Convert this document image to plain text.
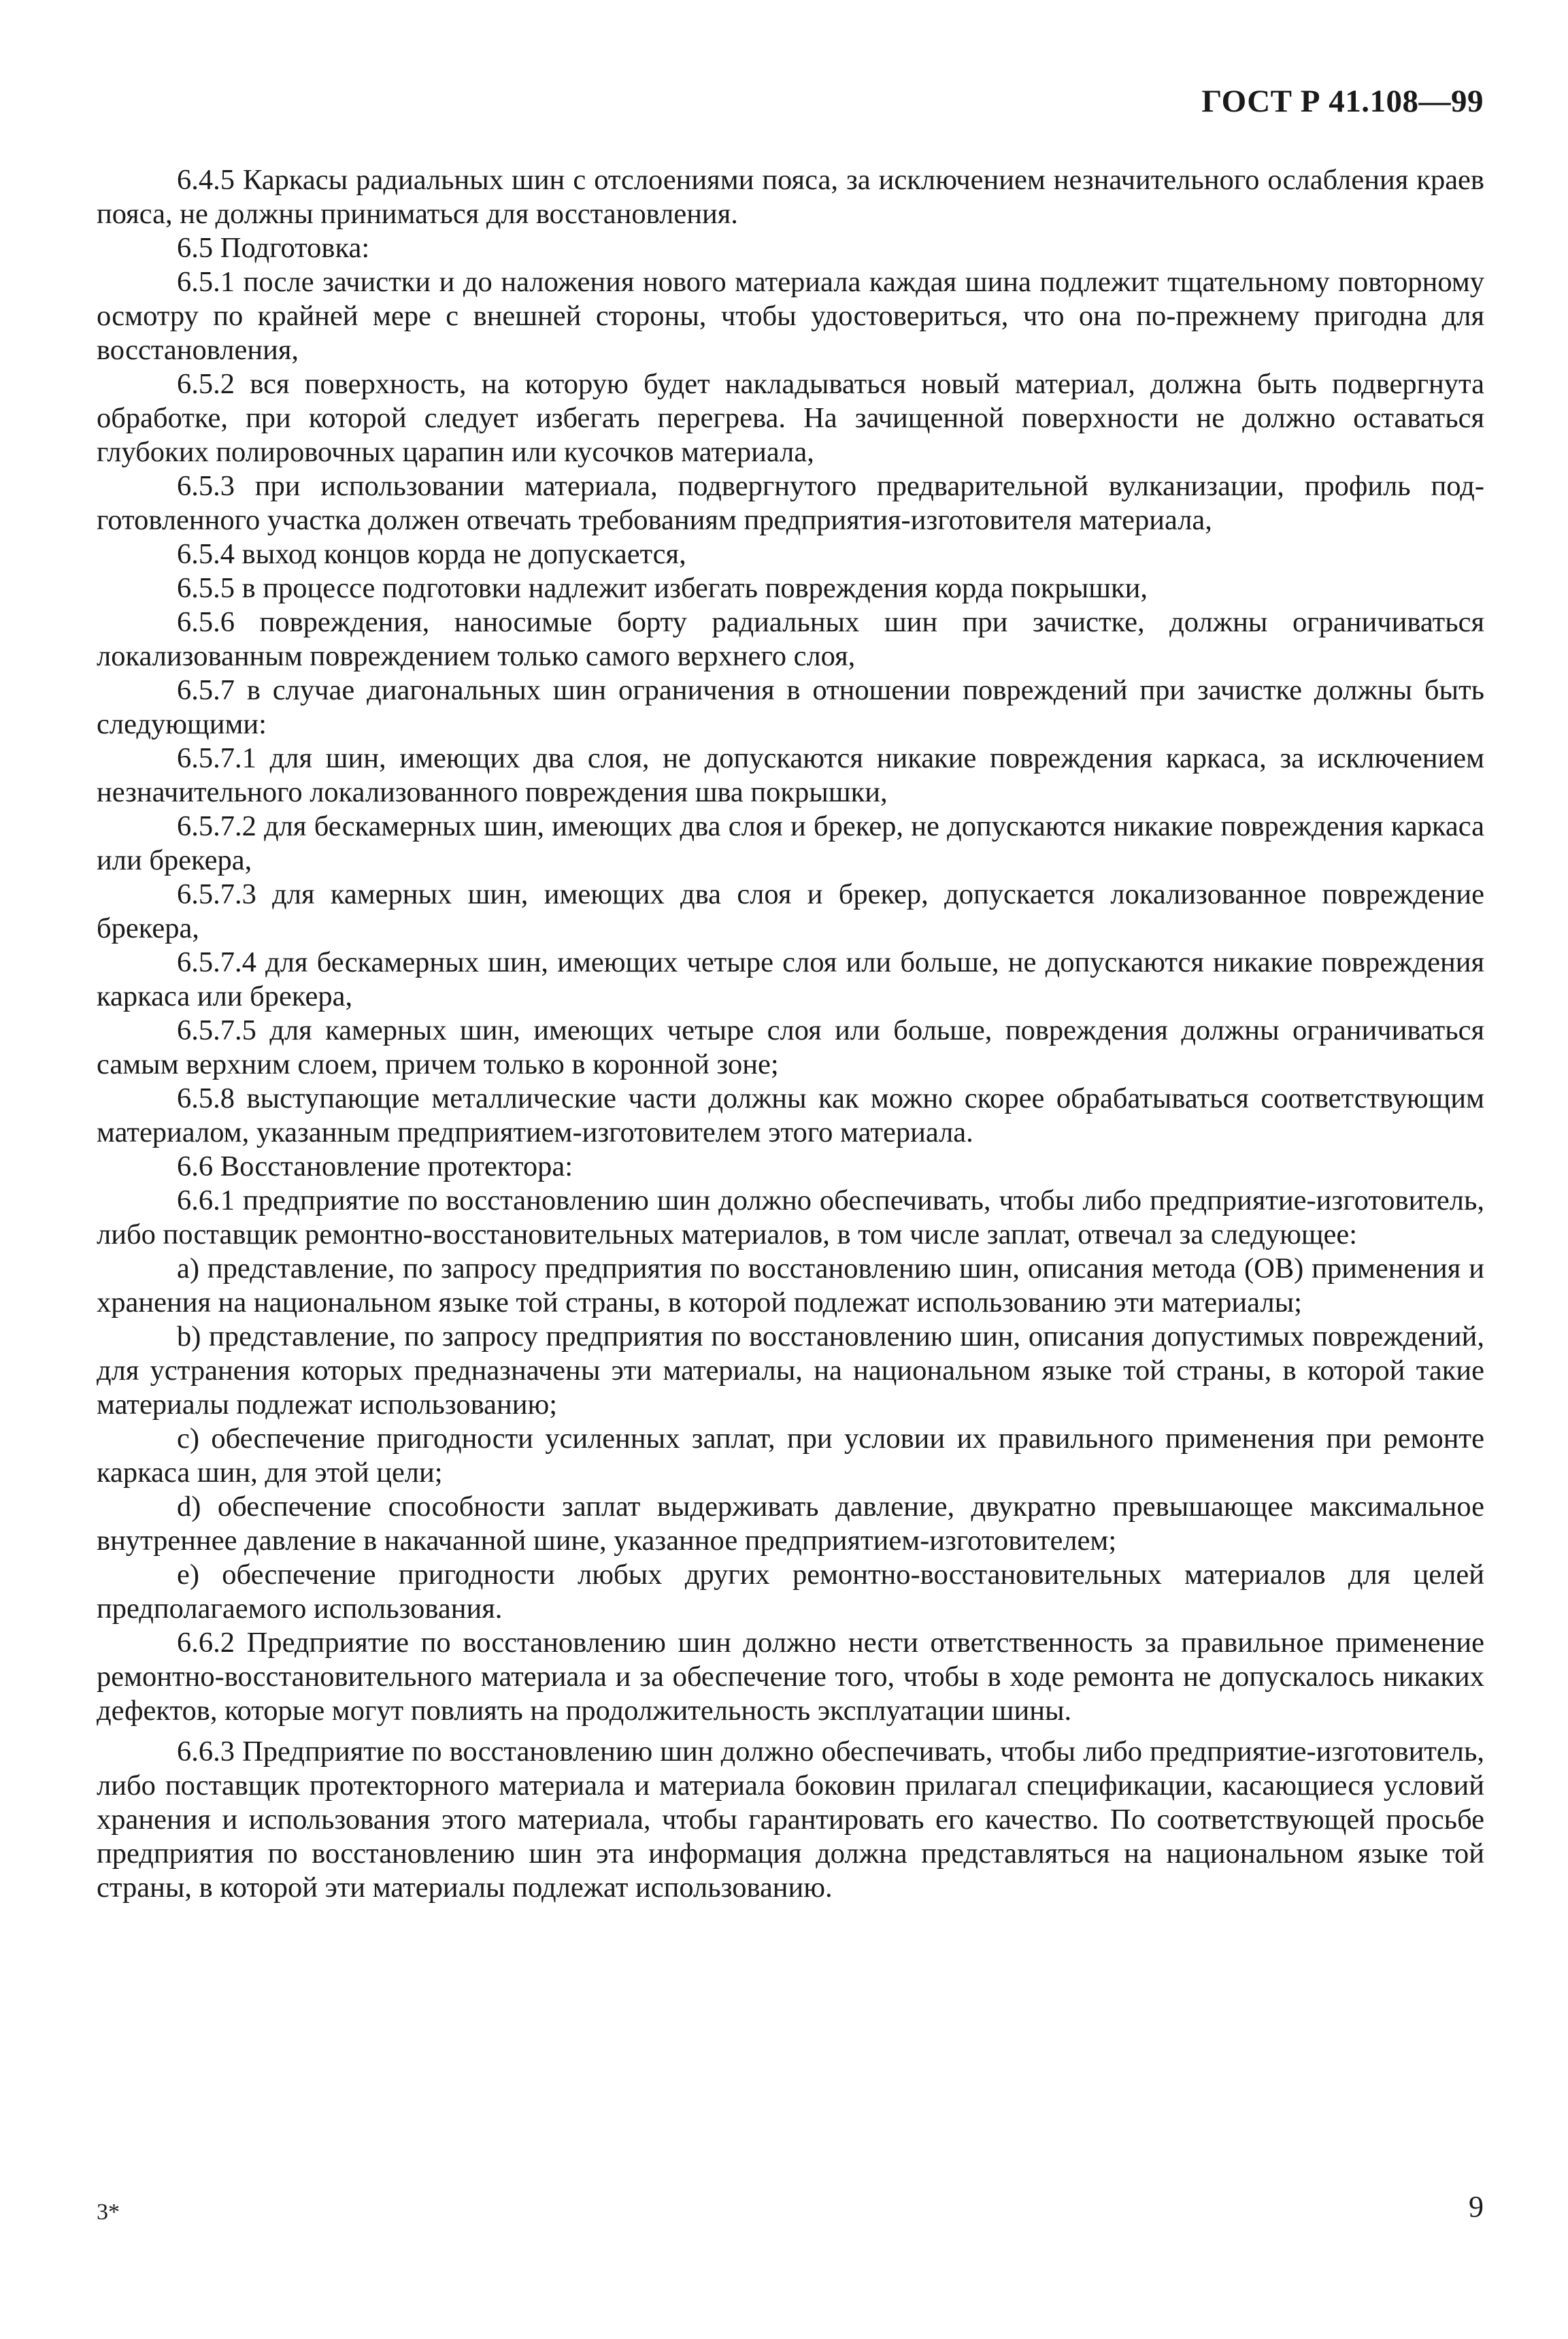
ГОСТ Р 41.108—99

6.4.5 Каркасы радиальных шин с отслоениями пояса, за исключением незначительного ослабления краев пояса, не должны приниматься для восстановления.

6.5 Подготовка:

6.5.1 после зачистки и до наложения нового материала каждая шина подлежит тщательному повторному осмотру по крайней мере с внешней стороны, чтобы удостовериться, что она по-прежнему пригодна для восстановления,

6.5.2 вся поверхность, на которую будет накладываться новый материал, должна быть подвергнута обработке, при которой следует избегать перегрева. На зачищенной поверхности не должно оставаться глубоких полировочных царапин или кусочков материала,

6.5.3 при использовании материала, подвергнутого предварительной вулканизации, профиль подготовленного участка должен отвечать требованиям предприятия-изготовителя материала,

6.5.4 выход концов корда не допускается,

6.5.5 в процессе подготовки надлежит избегать повреждения корда покрышки,

6.5.6 повреждения, наносимые борту радиальных шин при зачистке, должны ограничиваться локализованным повреждением только самого верхнего слоя,

6.5.7 в случае диагональных шин ограничения в отношении повреждений при зачистке должны быть следующими:

6.5.7.1 для шин, имеющих два слоя, не допускаются никакие повреждения каркаса, за исключением незначительного локализованного повреждения шва покрышки,

6.5.7.2 для бескамерных шин, имеющих два слоя и брекер, не допускаются никакие повреждения каркаса или брекера,

6.5.7.3 для камерных шин, имеющих два слоя и брекер, допускается локализованное повреждение брекера,

6.5.7.4 для бескамерных шин, имеющих четыре слоя или больше, не допускаются никакие повреждения каркаса или брекера,

6.5.7.5 для камерных шин, имеющих четыре слоя или больше, повреждения должны ограничиваться самым верхним слоем, причем только в коронной зоне;

6.5.8 выступающие металлические части должны как можно скорее обрабатываться соответствующим материалом, указанным предприятием-изготовителем этого материала.

6.6 Восстановление протектора:

6.6.1 предприятие по восстановлению шин должно обеспечивать, чтобы либо предприятие-изготовитель, либо поставщик ремонтно-восстановительных материалов, в том числе заплат, отвечал за следующее:

а) представление, по запросу предприятия по восстановлению шин, описания метода (ОВ) применения и хранения на национальном языке той страны, в которой подлежат использованию эти материалы;

b) представление, по запросу предприятия по восстановлению шин, описания допустимых повреждений, для устранения которых предназначены эти материалы, на национальном языке той страны, в которой такие материалы подлежат использованию;

с) обеспечение пригодности усиленных заплат, при условии их правильного применения при ремонте каркаса шин, для этой цели;

d) обеспечение способности заплат выдерживать давление, двукратно превышающее максимальное внутреннее давление в накачанной шине, указанное предприятием-изготовителем;

е) обеспечение пригодности любых других ремонтно-восстановительных материалов для целей предполагаемого использования.

6.6.2 Предприятие по восстановлению шин должно нести ответственность за правильное применение ремонтно-восстановительного материала и за обеспечение того, чтобы в ходе ремонта не допускалось никаких дефектов, которые могут повлиять на продолжительность эксплуатации шины.

6.6.3 Предприятие по восстановлению шин должно обеспечивать, чтобы либо предприятие-изготовитель, либо поставщик протекторного материала и материала боковин прилагал спецификации, касающиеся условий хранения и использования этого материала, чтобы гарантировать его качество. По соответствующей просьбе предприятия по восстановлению шин эта информация должна представляться на национальном языке той страны, в которой эти материалы подлежат использованию.

3*	9
